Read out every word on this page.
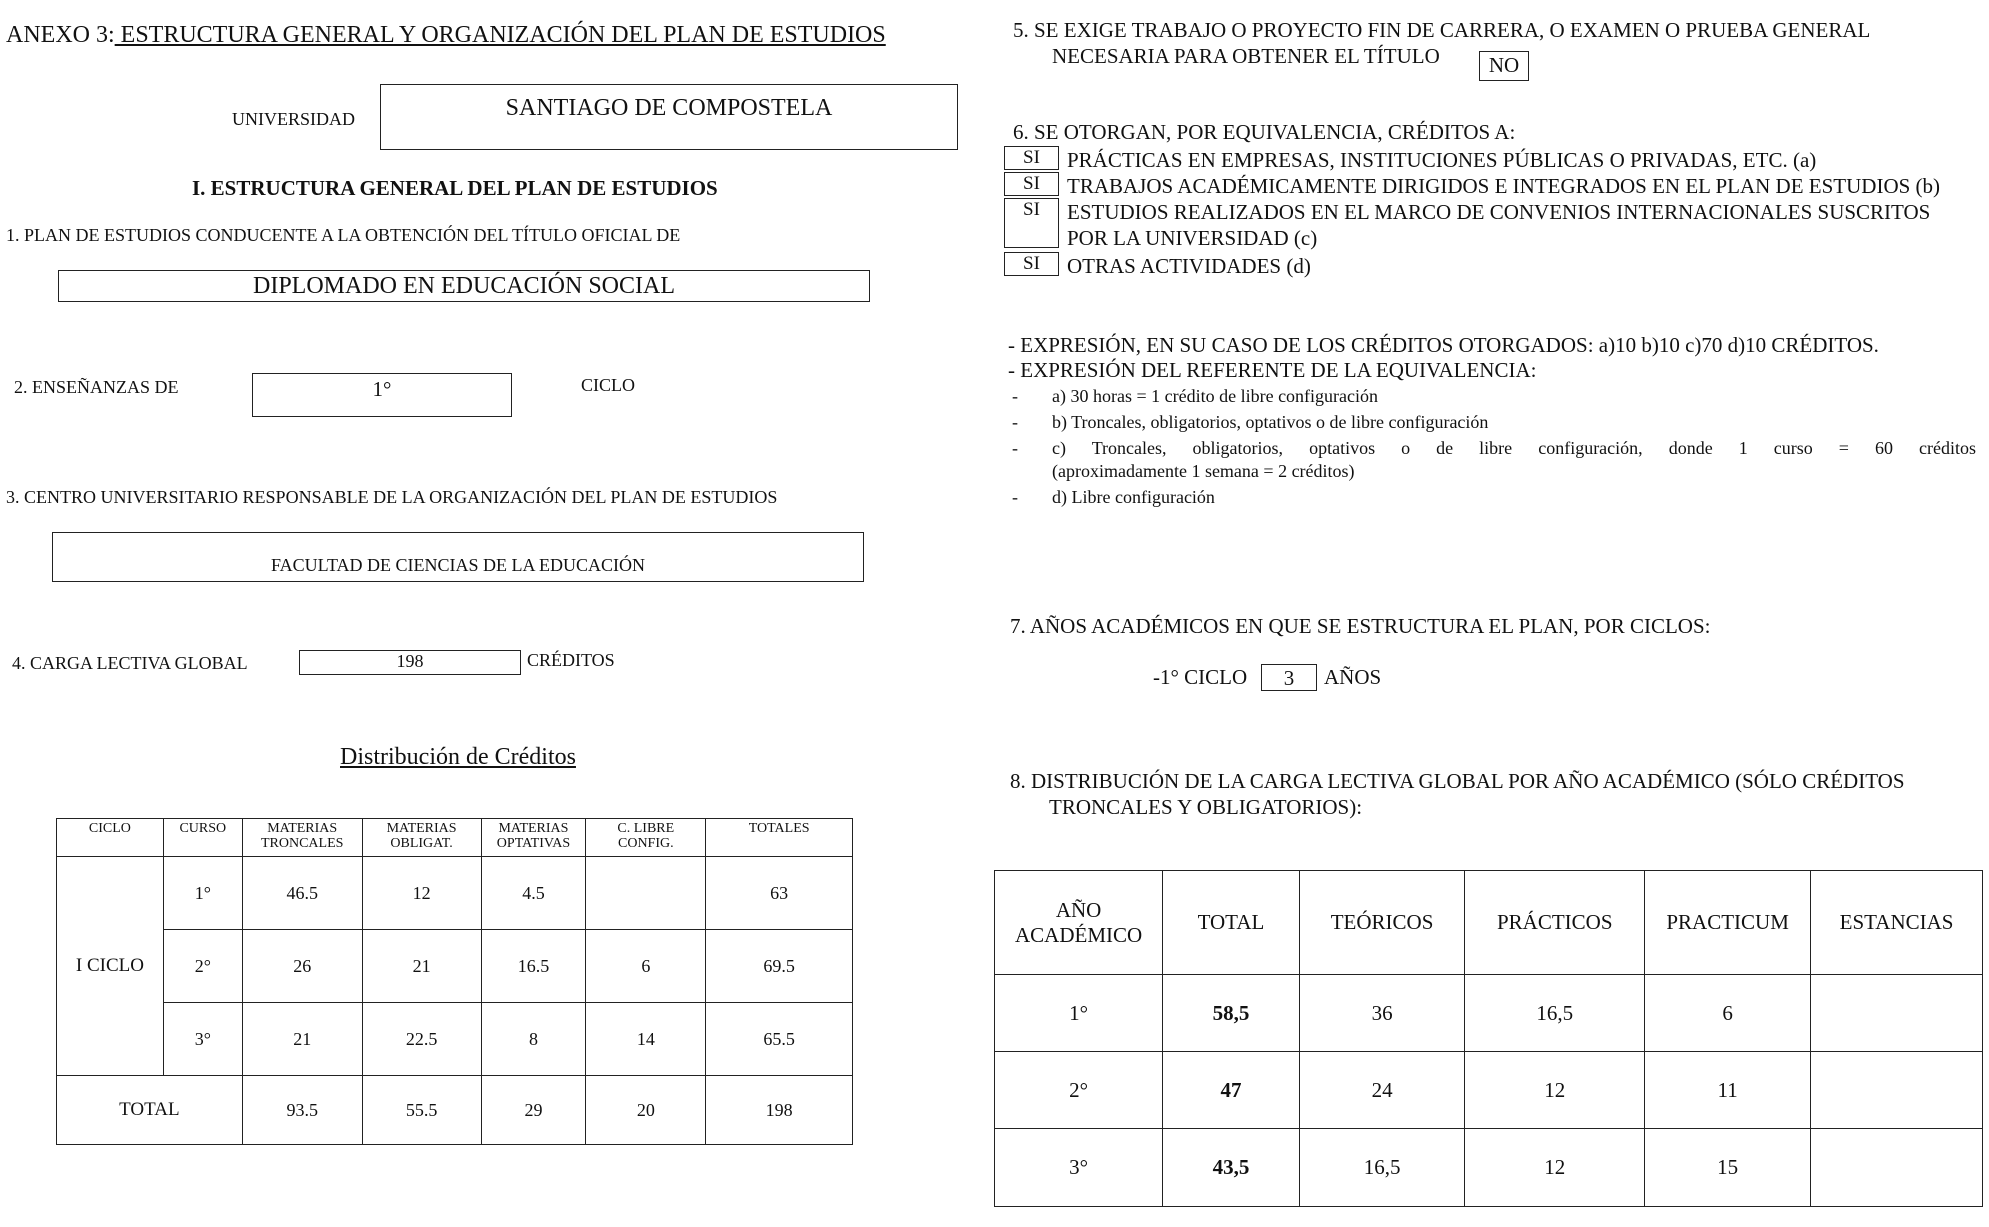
ANEXO 3: ESTRUCTURA GENERAL Y ORGANIZACIÓN DEL PLAN DE ESTUDIOS
UNIVERSIDAD	SANTIAGO DE COMPOSTELA
I. ESTRUCTURA GENERAL DEL PLAN DE ESTUDIOS
1. PLAN DE ESTUDIOS CONDUCENTE A LA OBTENCIÓN DEL TÍTULO OFICIAL DE
DIPLOMADO EN EDUCACIÓN SOCIAL
2. ENSEÑANZAS DE	1°	CICLO
3. CENTRO UNIVERSITARIO RESPONSABLE DE LA ORGANIZACIÓN DEL PLAN DE ESTUDIOS
FACULTAD DE CIENCIAS DE LA EDUCACIÓN
4. CARGA LECTIVA GLOBAL	198	CRÉDITOS
Distribución de Créditos
CICLO	CURSO	MATERIAS TRONCALES	MATERIAS OBLIGAT.	MATERIAS OPTATIVAS	C. LIBRE CONFIG.	TOTALES
I CICLO	1°	46.5	12	4.5		63
	2°	26	21	16.5	6	69.5
	3°	21	22.5	8	14	65.5
TOTAL		93.5	55.5	29	20	198
5. SE EXIGE TRABAJO O PROYECTO FIN DE CARRERA, O EXAMEN O PRUEBA GENERAL
NECESARIA PARA OBTENER EL TÍTULO	NO
6. SE OTORGAN, POR EQUIVALENCIA, CRÉDITOS A:
SI	PRÁCTICAS EN EMPRESAS, INSTITUCIONES PÚBLICAS O PRIVADAS, ETC. (a)
SI	TRABAJOS ACADÉMICAMENTE DIRIGIDOS E INTEGRADOS EN EL PLAN DE ESTUDIOS (b)
SI	ESTUDIOS REALIZADOS EN EL MARCO DE CONVENIOS INTERNACIONALES SUSCRITOS
POR LA UNIVERSIDAD (c)
SI	OTRAS ACTIVIDADES (d)
- EXPRESIÓN, EN SU CASO DE LOS CRÉDITOS OTORGADOS: a)10 b)10 c)70 d)10 CRÉDITOS.
- EXPRESIÓN DEL REFERENTE DE LA EQUIVALENCIA:
- a) 30 horas = 1 crédito de libre configuración
- b) Troncales, obligatorios, optativos o de libre configuración
- c) Troncales, obligatorios, optativos o de libre configuración, donde 1 curso = 60 créditos
(aproximadamente 1 semana = 2 créditos)
- d) Libre configuración
7. AÑOS ACADÉMICOS EN QUE SE ESTRUCTURA EL PLAN, POR CICLOS:
-1° CICLO	3	AÑOS
8. DISTRIBUCIÓN DE LA CARGA LECTIVA GLOBAL POR AÑO ACADÉMICO (SÓLO CRÉDITOS
TRONCALES Y OBLIGATORIOS):
AÑO ACADÉMICO	TOTAL	TEÓRICOS	PRÁCTICOS	PRACTICUM	ESTANCIAS
1°	58,5	36	16,5	6	
2°	47	24	12	11	
3°	43,5	16,5	12	15	
